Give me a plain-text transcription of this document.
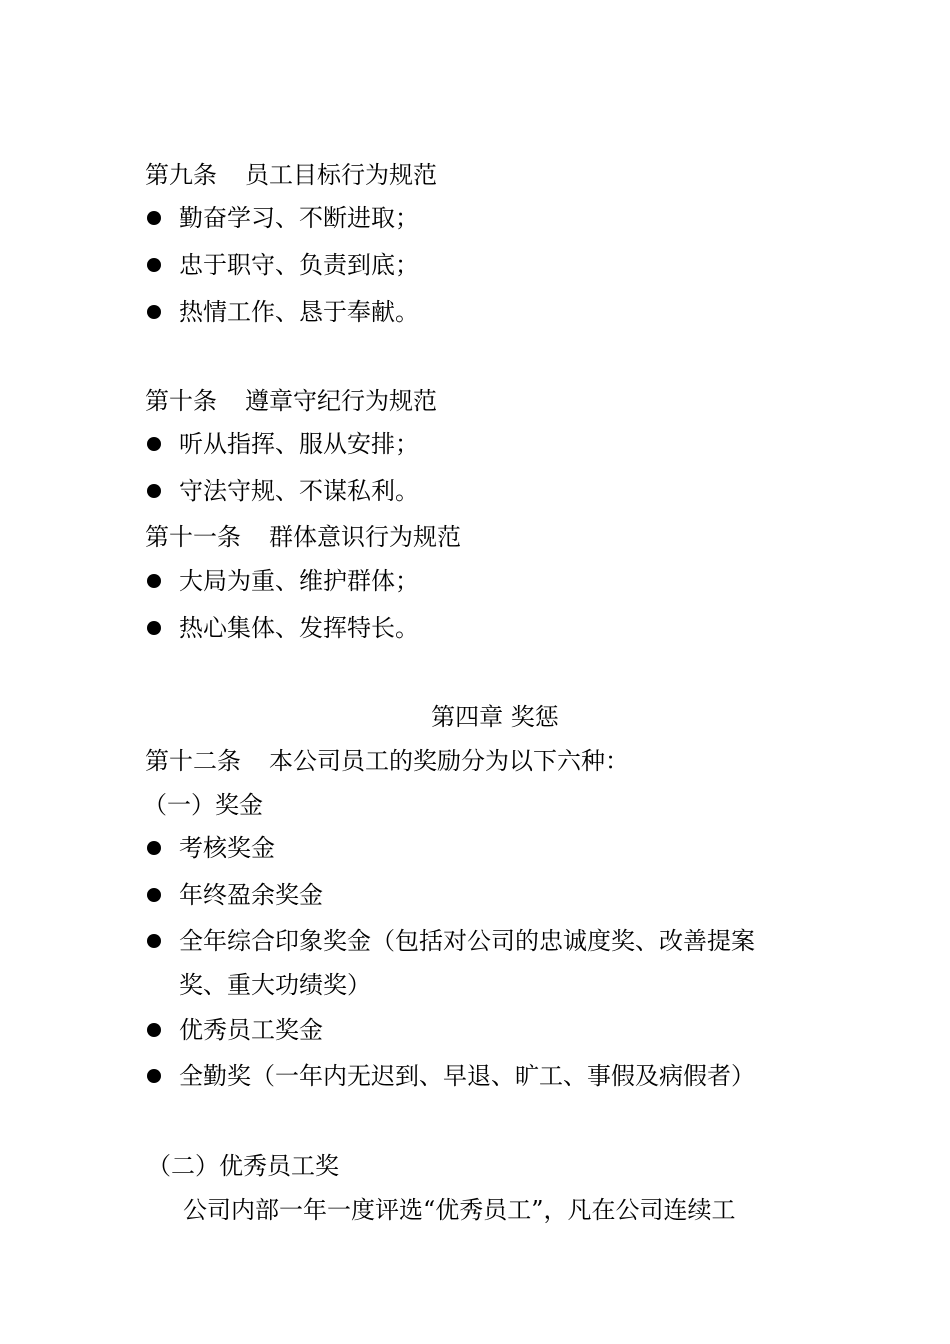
第九条 员工目标行为规范
勤奋学习、不断进取；
忠于职守、负责到底；
热情工作、恳于奉献。
第十条 遵章守纪行为规范
听从指挥、服从安排；
守法守规、不谋私利。
第十一条 群体意识行为规范
大局为重、维护群体；
热心集体、发挥特长。
第四章 奖惩
第十二条 本公司员工的奖励分为以下六种：
（一）奖金
考核奖金
年终盈余奖金
全年综合印象奖金（包括对公司的忠诚度奖、改善提案
奖、重大功绩奖）
优秀员工奖金
全勤奖（一年内无迟到、早退、旷工、事假及病假者）
（二）优秀员工奖
公司内部一年一度评选“优秀员工”，凡在公司连续工
